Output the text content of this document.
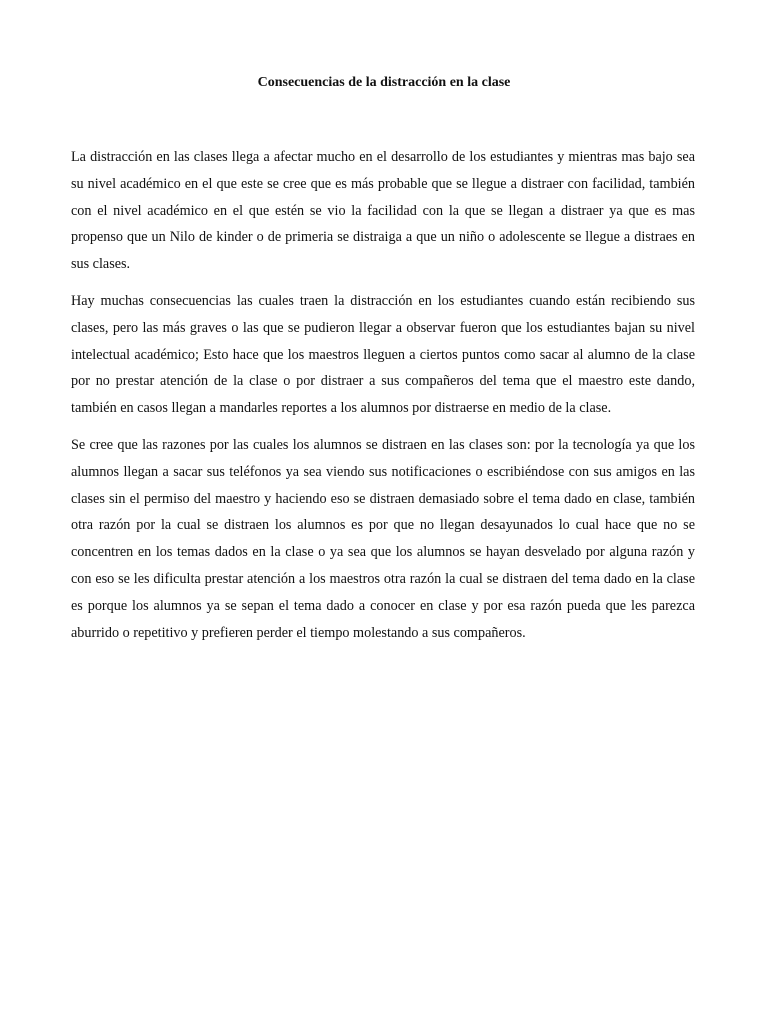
Consecuencias de la distracción en la clase

La distracción en las clases llega a afectar mucho en el desarrollo de los estudiantes y mientras mas bajo sea su nivel académico en el que este se cree que es más probable que se llegue a distraer con facilidad, también con el nivel académico en el que estén se vio la facilidad con la que se llegan a distraer ya que es mas propenso que un Nilo de kinder o de primeria se distraiga a que un niño o adolescente se llegue a distraes en sus clases.

Hay muchas consecuencias las cuales traen la distracción en los estudiantes cuando están recibiendo sus clases, pero las más graves o las que se pudieron llegar a observar fueron que los estudiantes bajan su nivel intelectual académico; Esto hace que los maestros lleguen a ciertos puntos como sacar al alumno de la clase por no prestar atención de la clase o por distraer a sus compañeros del tema que el maestro este dando, también en casos llegan a mandarles reportes a los alumnos por distraerse en medio de la clase.

Se cree que las razones por las cuales los alumnos se distraen en las clases son: por la tecnología ya que los alumnos llegan a sacar sus teléfonos ya sea viendo sus notificaciones o escribiéndose con sus amigos en las clases sin el permiso del maestro y haciendo eso se distraen demasiado sobre el tema dado en clase, también otra razón por la cual se distraen los alumnos es por que no llegan desayunados lo cual hace que no se concentren en los temas dados en la clase o ya sea que los alumnos se hayan desvelado por alguna razón y con eso se les dificulta prestar atención a los maestros otra razón la cual se distraen del tema dado en la clase es porque los alumnos ya se sepan el tema dado a conocer en clase y por esa razón pueda que les parezca aburrido o repetitivo y prefieren perder el tiempo molestando a sus compañeros.
